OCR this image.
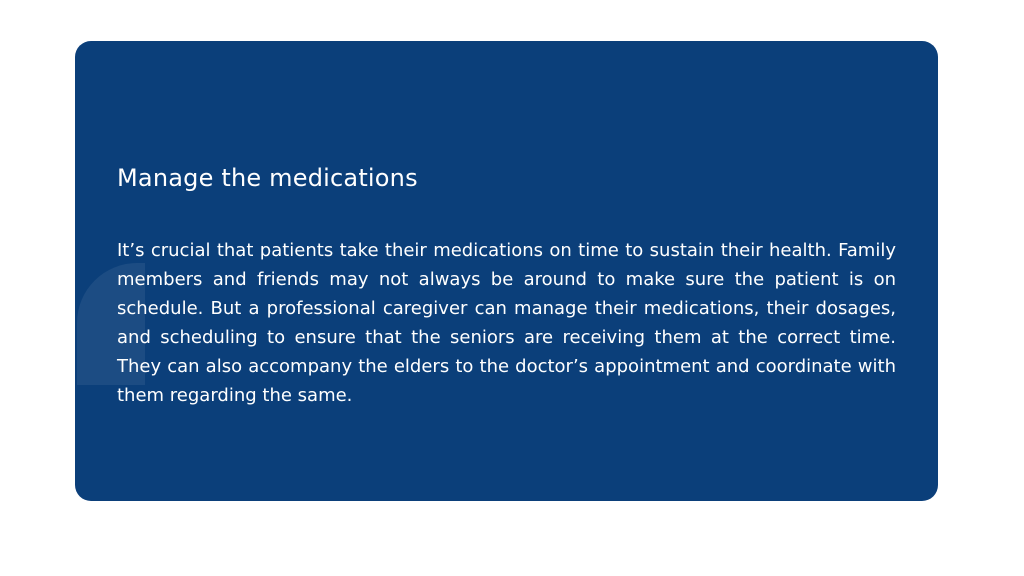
Manage the medications

It’s crucial that patients take their medications on time to sustain their health. Family members and friends may not always be around to make sure the patient is on schedule. But a professional caregiver can manage their medications, their dosages, and scheduling to ensure that the seniors are receiving them at the correct time. They can also accompany the elders to the doctor’s appointment and coordinate with them regarding the same.
